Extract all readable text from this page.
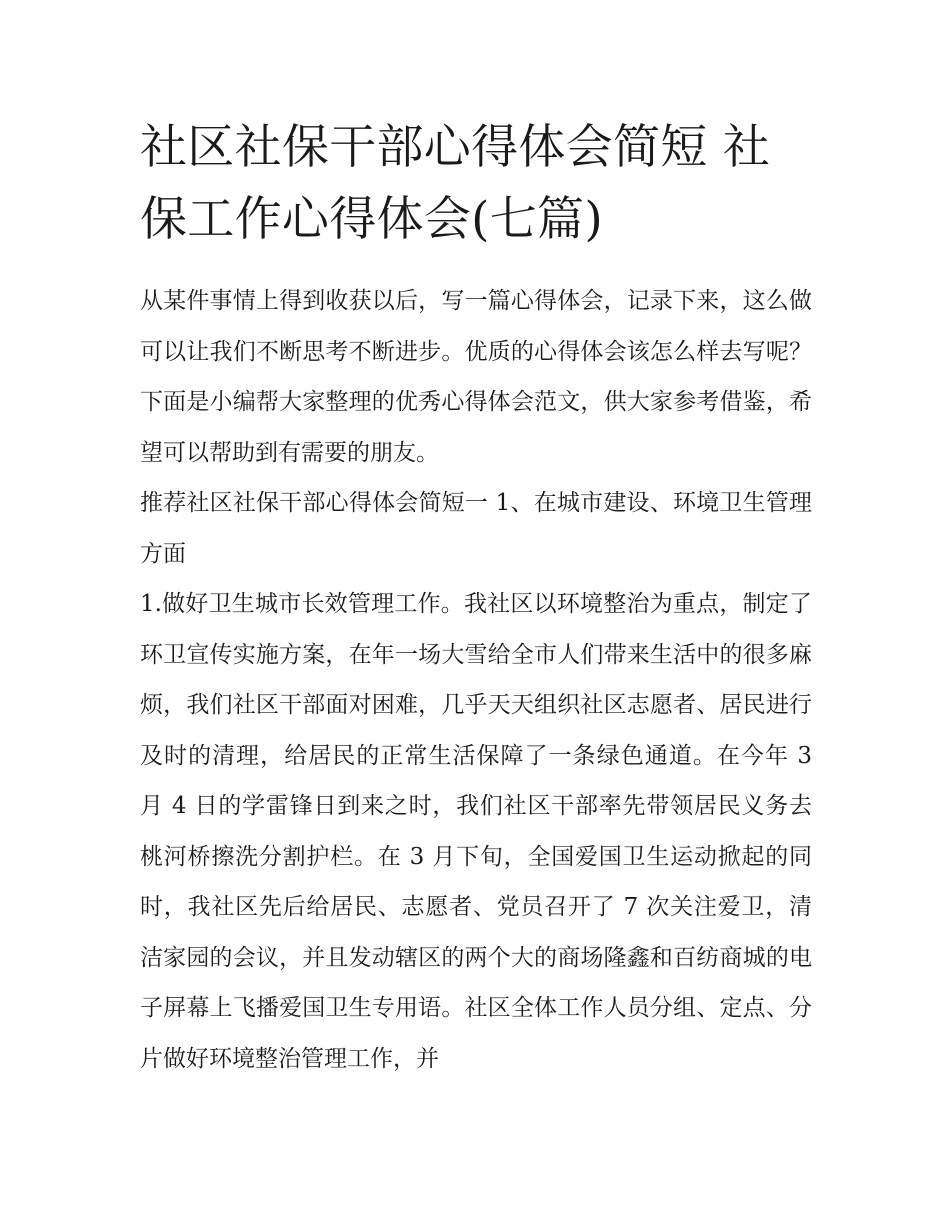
社区社保干部心得体会简短 社保工作心得体会(七篇)

从某件事情上得到收获以后，写一篇心得体会，记录下来，这么做可以让我们不断思考不断进步。优质的心得体会该怎么样去写呢？下面是小编帮大家整理的优秀心得体会范文，供大家参考借鉴，希望可以帮助到有需要的朋友。

推荐社区社保干部心得体会简短一 1、在城市建设、环境卫生管理方面

1.做好卫生城市长效管理工作。我社区以环境整治为重点，制定了环卫宣传实施方案，在年一场大雪给全市人们带来生活中的很多麻烦，我们社区干部面对困难，几乎天天组织社区志愿者、居民进行及时的清理，给居民的正常生活保障了一条绿色通道。在今年 3 月 4 日的学雷锋日到来之时，我们社区干部率先带领居民义务去桃河桥擦洗分割护栏。在 3 月下旬，全国爱国卫生运动掀起的同时，我社区先后给居民、志愿者、党员召开了 7 次关注爱卫，清洁家园的会议，并且发动辖区的两个大的商场隆鑫和百纺商城的电子屏幕上飞播爱国卫生专用语。社区全体工作人员分组、定点、分片做好环境整治管理工作，并
